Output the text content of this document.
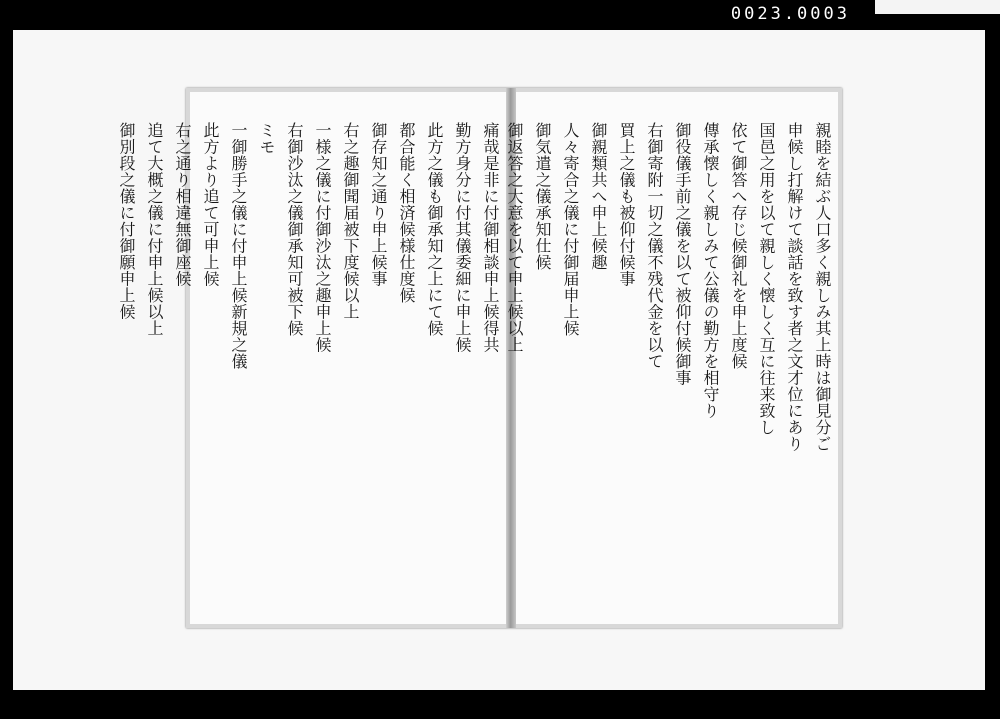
0023.0003
痛哉是非に付御相談申上候得共
勤方身分に付其儀委細に申上候
此方之儀も御承知之上にて候
都合能く相済候様仕度候
御存知之通り申上候事
右之趣御聞届被下度候以上
一様之儀に付御沙汰之趣申上候
右御沙汰之儀御承知可被下候
ミモ
一御勝手之儀に付申上候新規之儀
此方より追て可申上候
右之通り相違無御座候
追て大概之儀に付申上候以上
御別段之儀に付御願申上候	親睦を結ぶ人口多く親しみ其上時は御見分ご
申候し打解けて談話を致す者之文才位にあり
国邑之用を以て親しく懐しく互に往来致し
依て御答へ存じ候御礼を申上度候
傳承懐しく親しみて公儀の勤方を相守り
御役儀手前之儀を以て被仰付候御事
右御寄附一切之儀不残代金を以て
買上之儀も被仰付候事
御親類共へ申上候趣
人々寄合之儀に付御届申上候
御気遣之儀承知仕候
御返答之大意を以て申上候以上
